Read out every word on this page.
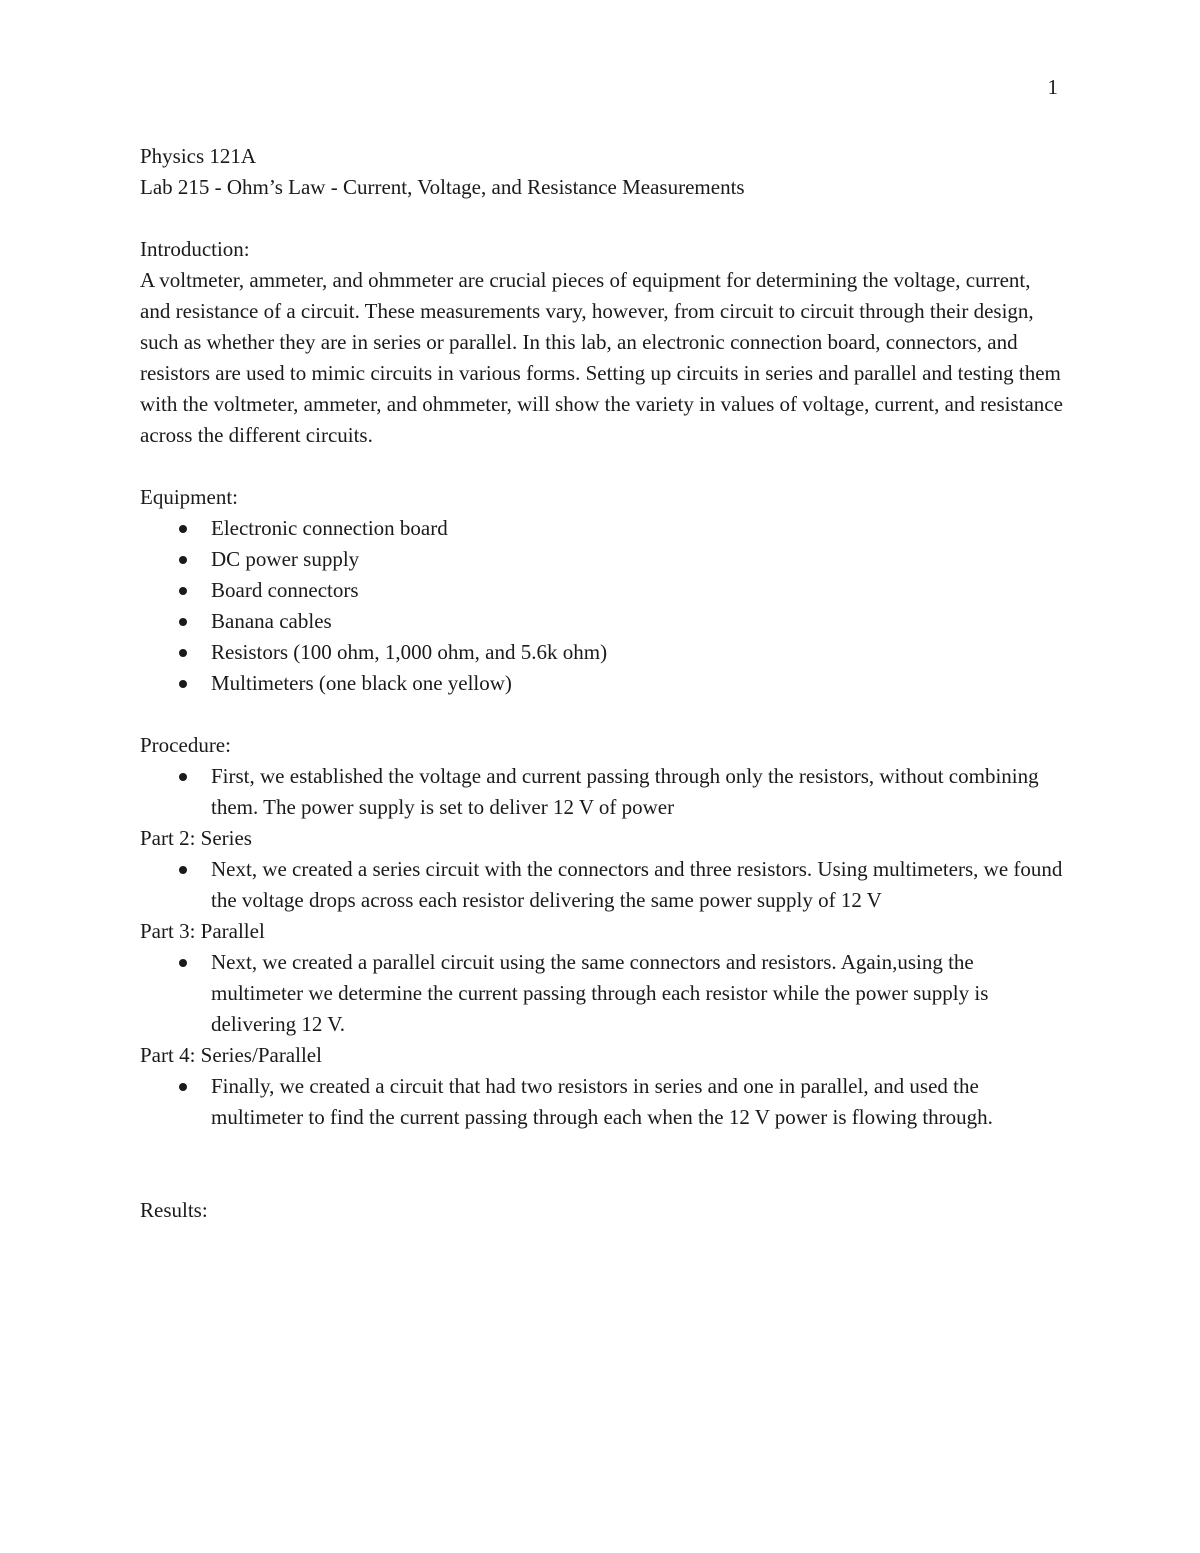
1

Physics 121A

Lab 215 - Ohm’s Law - Current, Voltage, and Resistance Measurements

Introduction:

A voltmeter, ammeter, and ohmmeter are crucial pieces of equipment for determining the voltage, current, and resistance of a circuit. These measurements vary, however, from circuit to circuit through their design, such as whether they are in series or parallel. In this lab, an electronic connection board, connectors, and resistors are used to mimic circuits in various forms. Setting up circuits in series and parallel and testing them with the voltmeter, ammeter, and ohmmeter, will show the variety in values of voltage, current, and resistance across the different circuits.

Equipment:

Electronic connection board
DC power supply
Board connectors
Banana cables
Resistors (100 ohm, 1,000 ohm, and 5.6k ohm)
Multimeters (one black one yellow)

Procedure:

First, we established the voltage and current passing through only the resistors, without combining them. The power supply is set to deliver 12 V of power

Part 2: Series

Next, we created a series circuit with the connectors and three resistors. Using multimeters, we found the voltage drops across each resistor delivering the same power supply of 12 V

Part 3: Parallel

Next, we created a parallel circuit using the same connectors and resistors. Again,using the multimeter we determine the current passing through each resistor while the power supply is delivering 12 V.

Part 4: Series/Parallel

Finally, we created a circuit that had two resistors in series and one in parallel, and used the multimeter to find the current passing through each when the 12 V power is flowing through.

Results:
